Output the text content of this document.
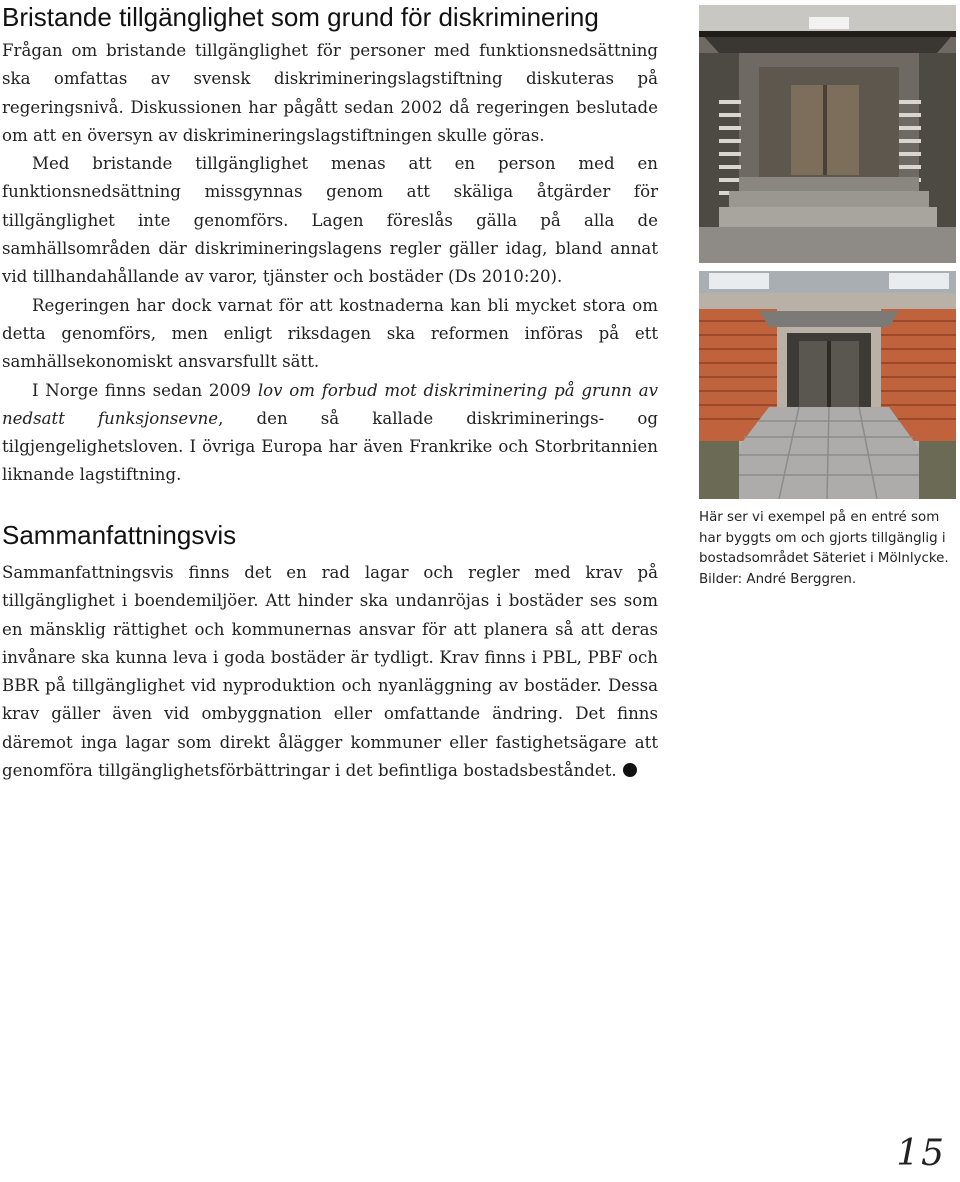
Bristande tillgänglighet som grund för diskriminering

Frågan om bristande tillgänglighet för personer med funktionsnedsättning ska omfattas av svensk diskrimineringslagstiftning diskuteras på regeringsnivå. Diskussionen har pågått sedan 2002 då regeringen beslutade om att en översyn av diskrimineringslagstiftningen skulle göras.

Med bristande tillgänglighet menas att en person med en funktionsnedsättning missgynnas genom att skäliga åtgärder för tillgänglighet inte genomförs. Lagen föreslås gälla på alla de samhällsområden där diskrimineringslagens regler gäller idag, bland annat vid tillhandahållande av varor, tjänster och bostäder (Ds 2010:20).

Regeringen har dock varnat för att kostnaderna kan bli mycket stora om detta genomförs, men enligt riksdagen ska reformen införas på ett samhällsekonomiskt ansvarsfullt sätt.

I Norge finns sedan 2009 lov om forbud mot diskriminering på grunn av nedsatt funksjonsevne, den så kallade diskriminerings- og tilgjengelighetsloven. I övriga Europa har även Frankrike och Storbritannien liknande lagstiftning.

Sammanfattningsvis

Sammanfattningsvis finns det en rad lagar och regler med krav på tillgänglighet i boendemiljöer. Att hinder ska undanröjas i bostäder ses som en mänsklig rättighet och kommunernas ansvar för att planera så att deras invånare ska kunna leva i goda bostäder är tydligt. Krav finns i PBL, PBF och BBR på tillgänglighet vid nyproduktion och nyanläggning av bostäder. Dessa krav gäller även vid ombyggnation eller omfattande ändring. Det finns däremot inga lagar som direkt ålägger kommuner eller fastighetsägare att genomföra tillgänglighetsförbättringar i det befintliga bostadsbeståndet.

Här ser vi exempel på en entré som har byggts om och gjorts tillgänglig i bostadsområdet Säteriet i Mölnlycke. Bilder: André Berggren.
15
